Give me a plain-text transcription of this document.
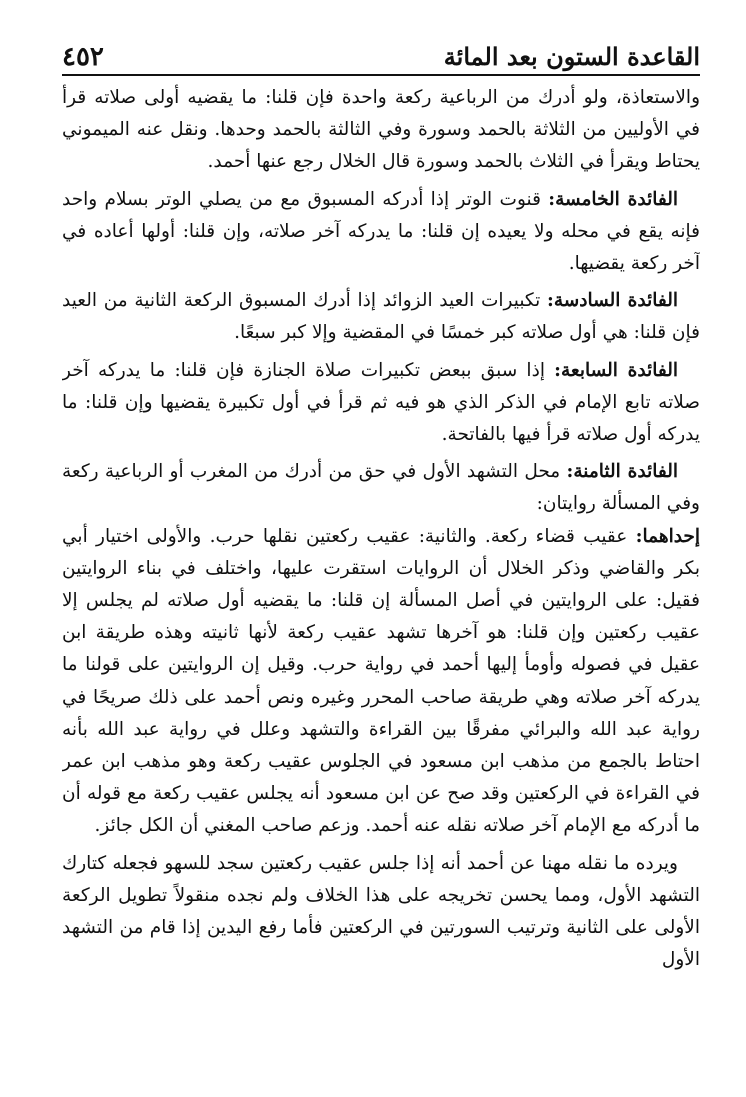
٤٥٢	القاعدة الستون بعد المائة

والاستعاذة، ولو أدرك من الرباعية ركعة واحدة فإن قلنا: ما يقضيه أولى صلاته قرأ في الأوليين من الثلاثة بالحمد وسورة وفي الثالثة بالحمد وحدها. ونقل عنه الميموني يحتاط ويقرأ في الثلاث بالحمد وسورة قال الخلال رجع عنها أحمد.

الفائدة الخامسة: قنوت الوتر إذا أدركه المسبوق مع من يصلي الوتر بسلام واحد فإنه يقع في محله ولا يعيده إن قلنا: ما يدركه آخر صلاته، وإن قلنا: أولها أعاده في آخر ركعة يقضيها.

الفائدة السادسة: تكبيرات العيد الزوائد إذا أدرك المسبوق الركعة الثانية من العيد فإن قلنا: هي أول صلاته كبر خمسًا في المقضية وإلا كبر سبعًا.

الفائدة السابعة: إذا سبق ببعض تكبيرات صلاة الجنازة فإن قلنا: ما يدركه آخر صلاته تابع الإمام في الذكر الذي هو فيه ثم قرأ في أول تكبيرة يقضيها وإن قلنا: ما يدركه أول صلاته قرأ فيها بالفاتحة.

الفائدة الثامنة: محل التشهد الأول في حق من أدرك من المغرب أو الرباعية ركعة وفي المسألة روايتان:

إحداهما: عقيب قضاء ركعة. والثانية: عقيب ركعتين نقلها حرب. والأولى اختيار أبي بكر والقاضي وذكر الخلال أن الروايات استقرت عليها، واختلف في بناء الروايتين فقيل: على الروايتين في أصل المسألة إن قلنا: ما يقضيه أول صلاته لم يجلس إلا عقيب ركعتين وإن قلنا: هو آخرها تشهد عقيب ركعة لأنها ثانيته وهذه طريقة ابن عقيل في فصوله وأومأ إليها أحمد في رواية حرب. وقيل إن الروايتين على قولنا ما يدركه آخر صلاته وهي طريقة صاحب المحرر وغيره ونص أحمد على ذلك صريحًا في رواية عبد الله والبرائي مفرقًا بين القراءة والتشهد وعلل في رواية عبد الله بأنه احتاط بالجمع من مذهب ابن مسعود في الجلوس عقيب ركعة وهو مذهب ابن عمر في القراءة في الركعتين وقد صح عن ابن مسعود أنه يجلس عقيب ركعة مع قوله أن ما أدركه مع الإمام آخر صلاته نقله عنه أحمد. وزعم صاحب المغني أن الكل جائز.

ويرده ما نقله مهنا عن أحمد أنه إذا جلس عقيب ركعتين سجد للسهو فجعله كتارك التشهد الأول، ومما يحسن تخريجه على هذا الخلاف ولم نجده منقولاً تطويل الركعة الأولى على الثانية وترتيب السورتين في الركعتين فأما رفع اليدين إذا قام من التشهد الأول
